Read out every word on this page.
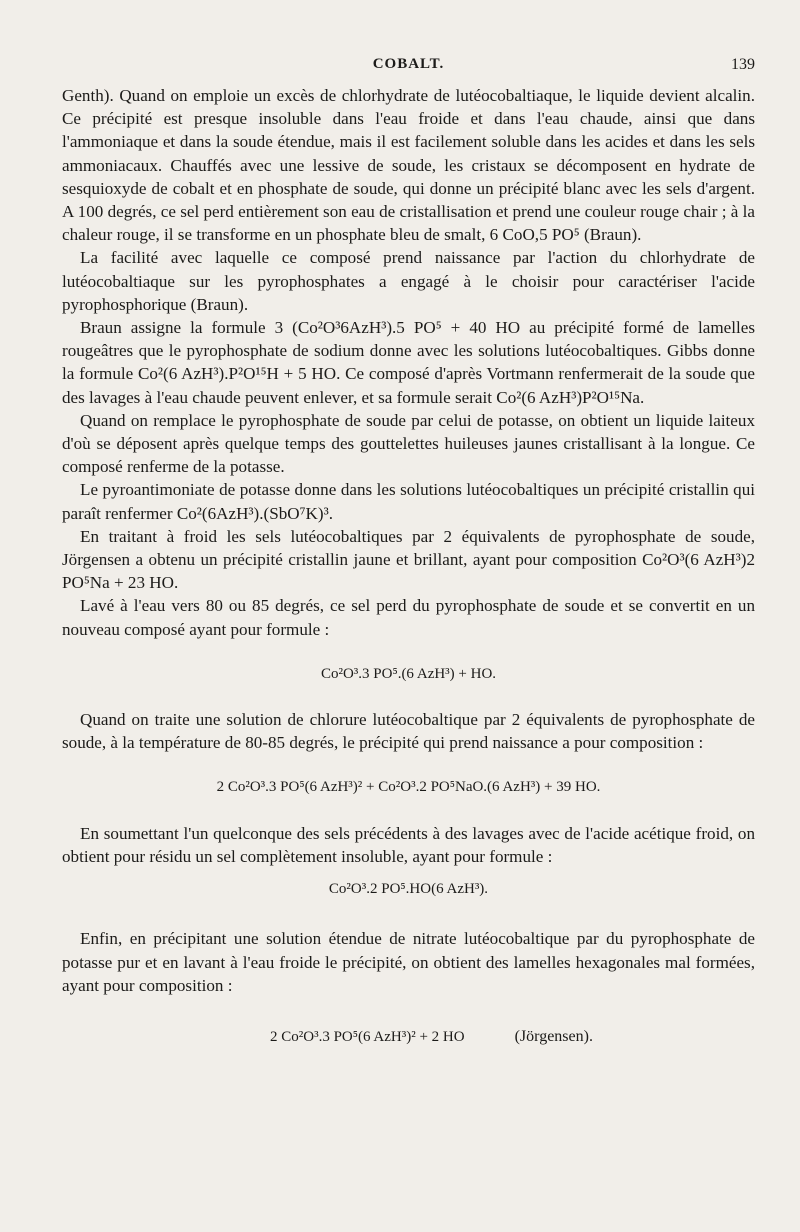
COBALT.	139

Genth). Quand on emploie un excès de chlorhydrate de lutéocobaltiaque, le liquide devient alcalin. Ce précipité est presque insoluble dans l'eau froide et dans l'eau chaude, ainsi que dans l'ammoniaque et dans la soude étendue, mais il est facilement soluble dans les acides et dans les sels ammoniacaux. Chauffés avec une lessive de soude, les cristaux se décomposent en hydrate de sesquioxyde de cobalt et en phosphate de soude, qui donne un précipité blanc avec les sels d'argent. A 100 degrés, ce sel perd entièrement son eau de cristallisation et prend une couleur rouge chair ; à la chaleur rouge, il se transforme en un phosphate bleu de smalt, 6 CoO,5 PO⁵ (Braun).

La facilité avec laquelle ce composé prend naissance par l'action du chlorhydrate de lutéocobaltiaque sur les pyrophosphates a engagé à le choisir pour caractériser l'acide pyrophosphorique (Braun).

Braun assigne la formule 3 (Co²O³6AzH³).5 PO⁵ + 40 HO au précipité formé de lamelles rougeâtres que le pyrophosphate de sodium donne avec les solutions lutéocobaltiques. Gibbs donne la formule Co²(6 AzH³).P²O¹⁵H + 5 HO. Ce composé d'après Vortmann renfermerait de la soude que des lavages à l'eau chaude peuvent enlever, et sa formule serait Co²(6 AzH³)P²O¹⁵Na.

Quand on remplace le pyrophosphate de soude par celui de potasse, on obtient un liquide laiteux d'où se déposent après quelque temps des gouttelettes huileuses jaunes cristallisant à la longue. Ce composé renferme de la potasse.

Le pyroantimoniate de potasse donne dans les solutions lutéocobaltiques un précipité cristallin qui paraît renfermer Co²(6AzH³).(SbO⁷K)³.

En traitant à froid les sels lutéocobaltiques par 2 équivalents de pyrophosphate de soude, Jörgensen a obtenu un précipité cristallin jaune et brillant, ayant pour composition Co²O³(6 AzH³)2 PO⁵Na + 23 HO.

Lavé à l'eau vers 80 ou 85 degrés, ce sel perd du pyrophosphate de soude et se convertit en un nouveau composé ayant pour formule :

Co²O³.3 PO⁵.(6 AzH³) + HO.

Quand on traite une solution de chlorure lutéocobaltique par 2 équivalents de pyrophosphate de soude, à la température de 80-85 degrés, le précipité qui prend naissance a pour composition :

2 Co²O³.3 PO⁵(6 AzH³)² + Co²O³.2 PO⁵NaO.(6 AzH³) + 39 HO.

En soumettant l'un quelconque des sels précédents à des lavages avec de l'acide acétique froid, on obtient pour résidu un sel complètement insoluble, ayant pour formule :

Co²O³.2 PO⁵.HO(6 AzH³).

Enfin, en précipitant une solution étendue de nitrate lutéocobaltique par du pyrophosphate de potasse pur et en lavant à l'eau froide le précipité, on obtient des lamelles hexagonales mal formées, ayant pour composition :

2 Co²O³.3 PO⁵(6 AzH³)² + 2 HO	(Jörgensen).
